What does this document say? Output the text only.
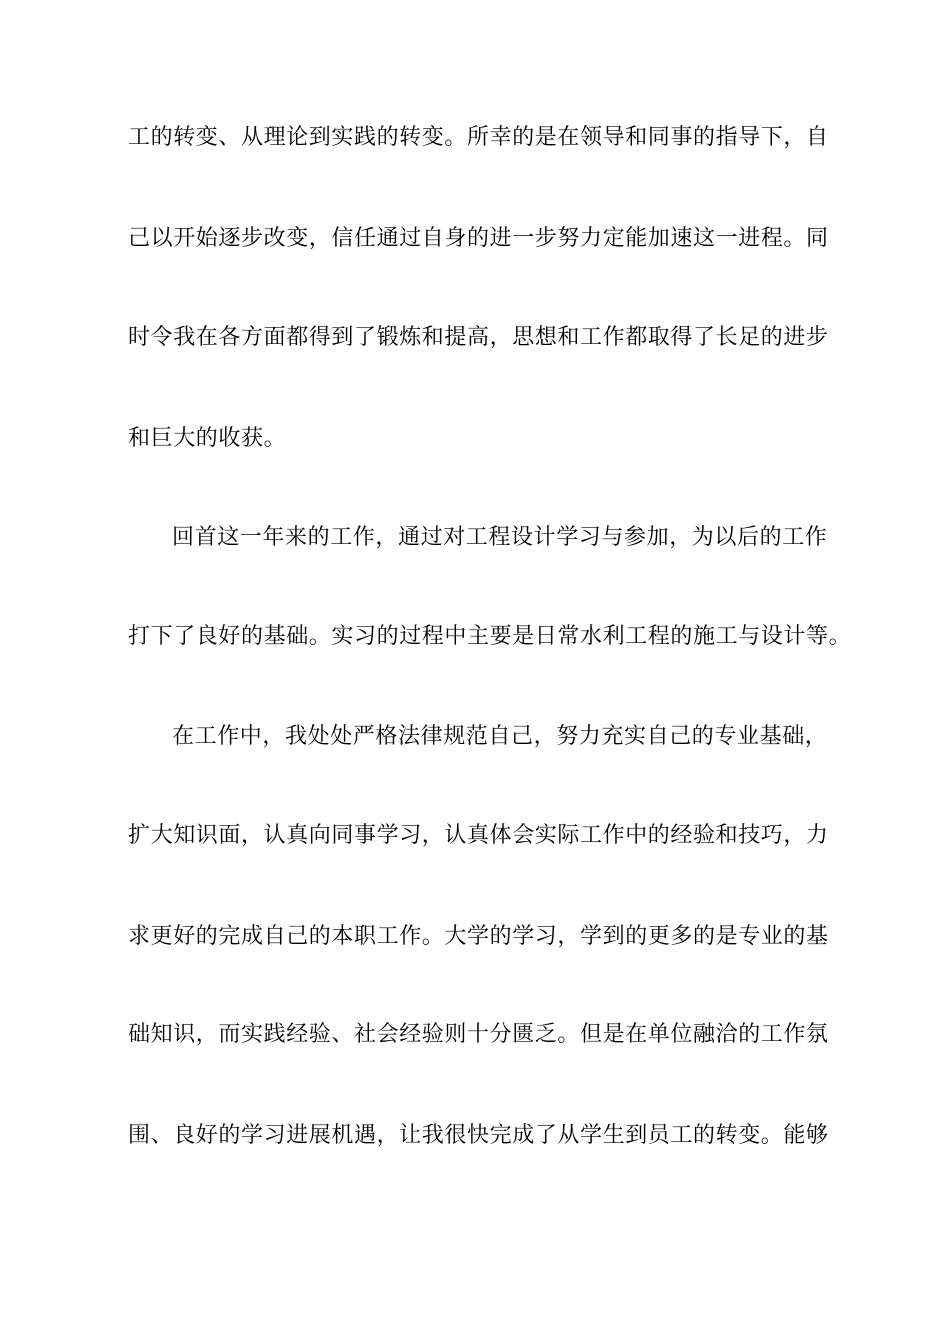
工的转变、从理论到实践的转变。所幸的是在领导和同事的指导下，自
己以开始逐步改变，信任通过自身的进一步努力定能加速这一进程。同
时令我在各方面都得到了锻炼和提高，思想和工作都取得了长足的进步
和巨大的收获。
回首这一年来的工作，通过对工程设计学习与参加，为以后的工作
打下了良好的基础。实习的过程中主要是日常水利工程的施工与设计等。
在工作中，我处处严格法律规范自己，努力充实自己的专业基础，
扩大知识面，认真向同事学习，认真体会实际工作中的经验和技巧，力
求更好的完成自己的本职工作。大学的学习，学到的更多的是专业的基
础知识，而实践经验、社会经验则十分匮乏。但是在单位融洽的工作氛
围、良好的学习进展机遇，让我很快完成了从学生到员工的转变。能够
